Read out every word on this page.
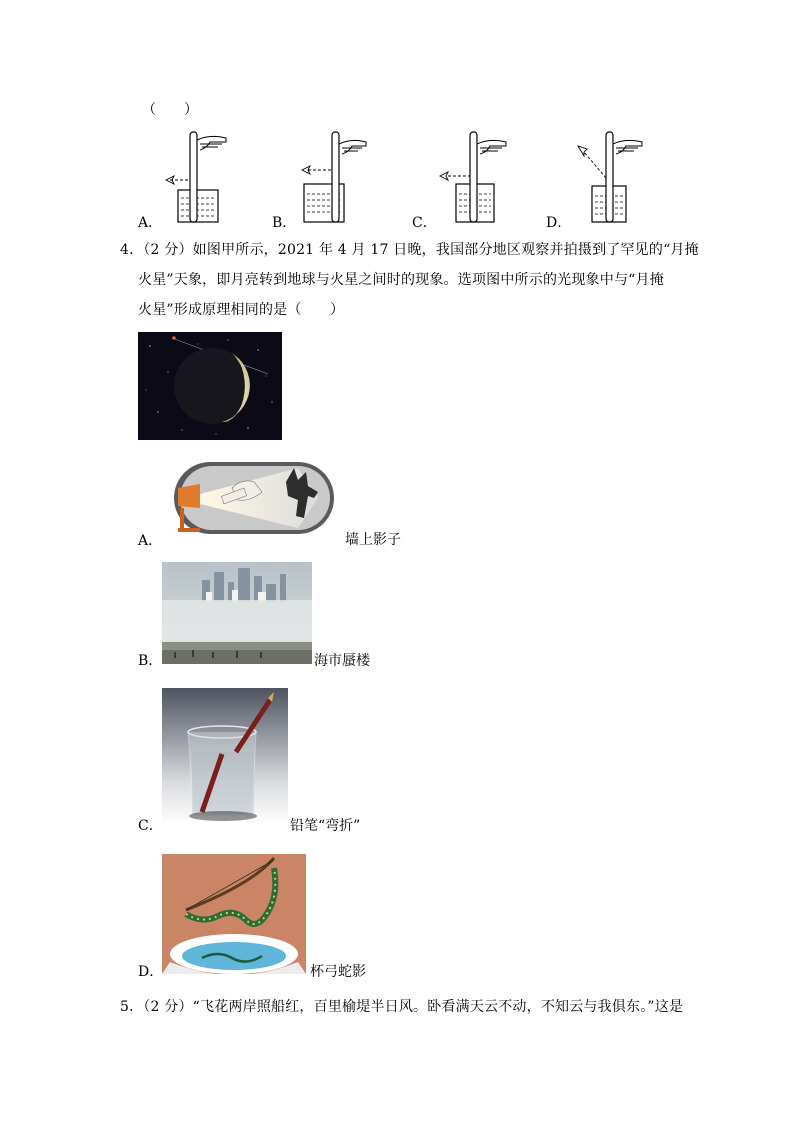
（　　）
A．	B．	C．	D．
4．（2 分）如图甲所示，2021 年 4 月 17 日晚，我国部分地区观察并拍摄到了罕见的“月掩
火星”天象，即月亮转到地球与火星之间时的现象。选项图中所示的光现象中与“月掩
火星”形成原理相同的是（　　）
A．	墙上影子
B．	海市蜃楼
C．	铅笔“弯折”
D．	杯弓蛇影
5．（2 分）“飞花两岸照船红，百里榆堤半日风。卧看满天云不动，不知云与我俱东。”这是
